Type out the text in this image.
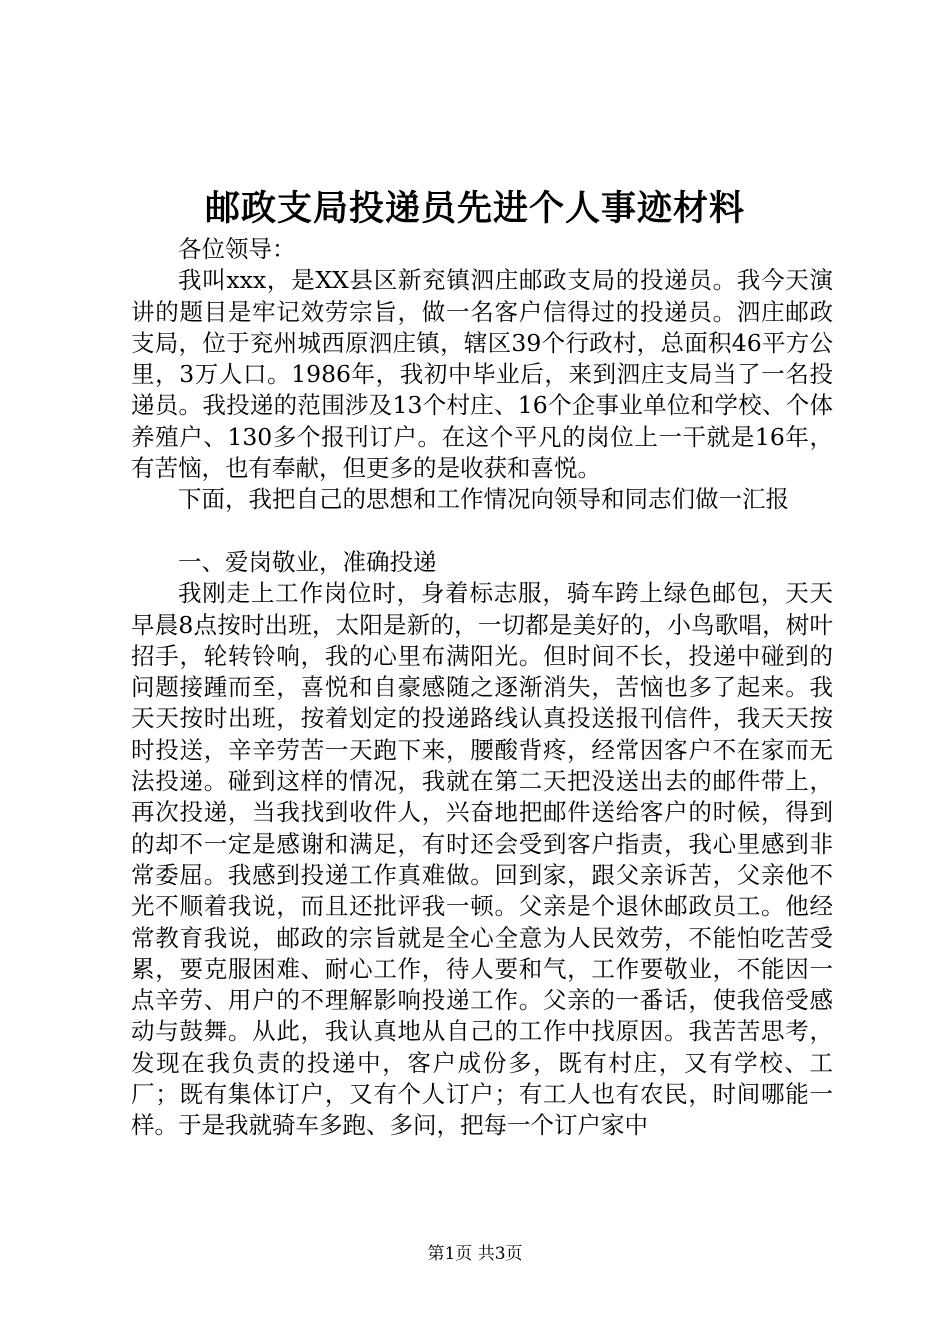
邮政支局投递员先进个人事迹材料

各位领导：

我叫xxx，是XX县区新兖镇泗庄邮政支局的投递员。我今天演讲的题目是牢记效劳宗旨，做一名客户信得过的投递员。泗庄邮政支局，位于兖州城西原泗庄镇，辖区39个行政村，总面积46平方公里，3万人口。1986年，我初中毕业后，来到泗庄支局当了一名投递员。我投递的范围涉及13个村庄、16个企事业单位和学校、个体养殖户、130多个报刊订户。在这个平凡的岗位上一干就是16年，有苦恼，也有奉献，但更多的是收获和喜悦。

下面，我把自己的思想和工作情况向领导和同志们做一汇报

一、爱岗敬业，准确投递

我刚走上工作岗位时，身着标志服，骑车跨上绿色邮包，天天早晨8点按时出班，太阳是新的，一切都是美好的，小鸟歌唱，树叶招手，轮转铃响，我的心里布满阳光。但时间不长，投递中碰到的问题接踵而至，喜悦和自豪感随之逐渐消失，苦恼也多了起来。我天天按时出班，按着划定的投递路线认真投送报刊信件，我天天按时投送，辛辛劳苦一天跑下来，腰酸背疼，经常因客户不在家而无法投递。碰到这样的情况，我就在第二天把没送出去的邮件带上，再次投递，当我找到收件人，兴奋地把邮件送给客户的时候，得到的却不一定是感谢和满足，有时还会受到客户指责，我心里感到非常委屈。我感到投递工作真难做。回到家，跟父亲诉苦，父亲他不光不顺着我说，而且还批评我一顿。父亲是个退休邮政员工。他经常教育我说，邮政的宗旨就是全心全意为人民效劳，不能怕吃苦受累，要克服困难、耐心工作，待人要和气，工作要敬业，不能因一点辛劳、用户的不理解影响投递工作。父亲的一番话，使我倍受感动与鼓舞。从此，我认真地从自己的工作中找原因。我苦苦思考，发现在我负责的投递中，客户成份多，既有村庄，又有学校、工厂；既有集体订户，又有个人订户；有工人也有农民，时间哪能一样。于是我就骑车多跑、多问，把每一个订户家中

第1页 共3页
